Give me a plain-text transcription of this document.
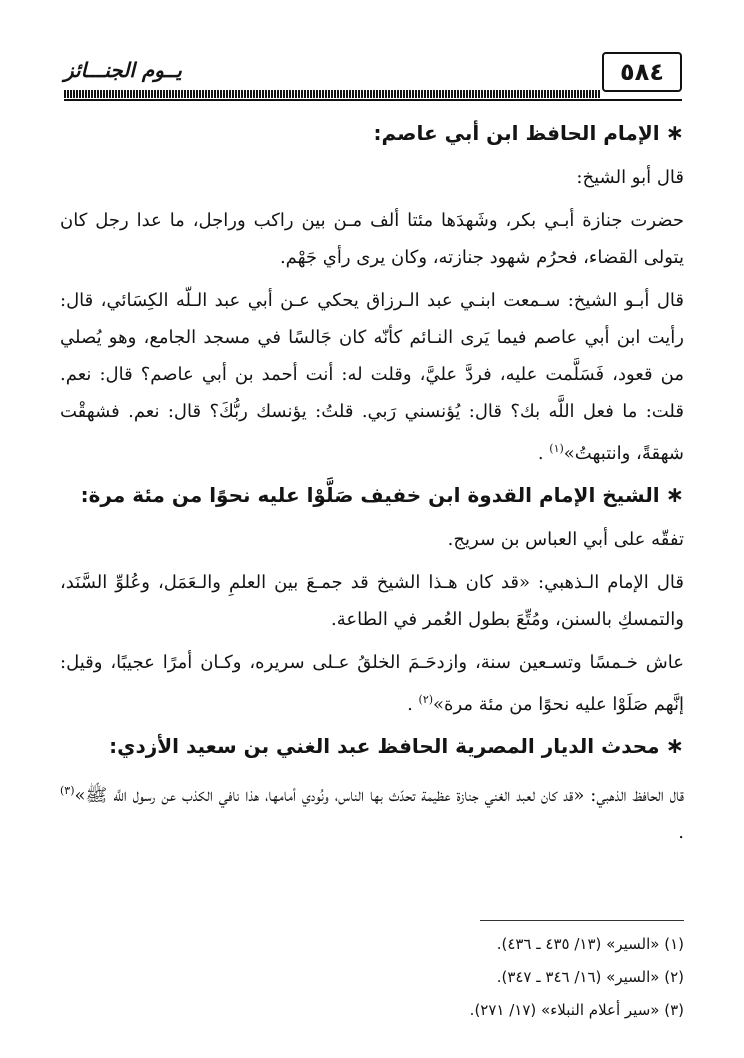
يــوم الجنـــائز	٥٨٤
∗الإمام الحافظ ابن أبي عاصم:

قال أبو الشيخ:

حضرت جنازة أبـي بكر، وشَهدَها مئتا ألف مـن بين راكب وراجل، ما عدا رجل كان يتولى القضاء، فحرُم شهود جنازته، وكان يرى رأي جَهْم.

قال أبـو الشيخ: سـمعت ابنـي عبد الـرزاق يحكي عـن أبي عبد الـلّه الكِسَائي، قال: رأيت ابن أبي عاصم فيما يَرى النـائم كأنّه كان جَالسًا في مسجد الجامع، وهو يُصلي من قعود، فَسَلَّمت عليه، فردَّ عليَّ، وقلت له: أنت أحمد بن أبي عاصم؟ قال: نعم. قلت: ما فعل اللَّه بك؟ قال: يُؤنسني رَبي. قلتُ: يؤنسك ربُّكَ؟ قال: نعم. فشهقْت شهقةً، وانتبهتُ»$^{(١)}$ .

∗الشيخ الإمام القدوة ابن خفيف صَلَّوْا عليه نحوًا من مئة مرة:

تفقّه على أبي العباس بن سريج.

قال الإمام الـذهبي: «قد كان هـذا الشيخ قد جمـعَ بين العلمِ والـعَمَل، وعُلوِّ السَّنَد، والتمسكِ بالسنن، ومُتِّعَ بطول العُمر في الطاعة.

عاش خـمسًا وتسـعين سنة، وازدحَـمَ الخلقُ عـلى سريره، وكـان أمرًا عجيبًا، وقيل: إنَّهم صَلَوْا عليه نحوًا من مئة مرة»$^{(٢)}$ .

∗محدث الديار المصرية الحافظ عبد الغني بن سعيد الأزدي:

قال الحافظ الذهبي: «قد كان لعبد الغني جنازة عظيمة تحدّث بها الناس، ونُودي أمامها، هذا نافي الكذب عن رسول اللَّه ﷺ»$^{(٣)}$ .

(١) «السير» (١٣/ ٤٣٥ ـ ٤٣٦).
(٢) «السير» (١٦/ ٣٤٦ ـ ٣٤٧).
(٣) «سير أعلام النبلاء» (١٧/ ٢٧١).
